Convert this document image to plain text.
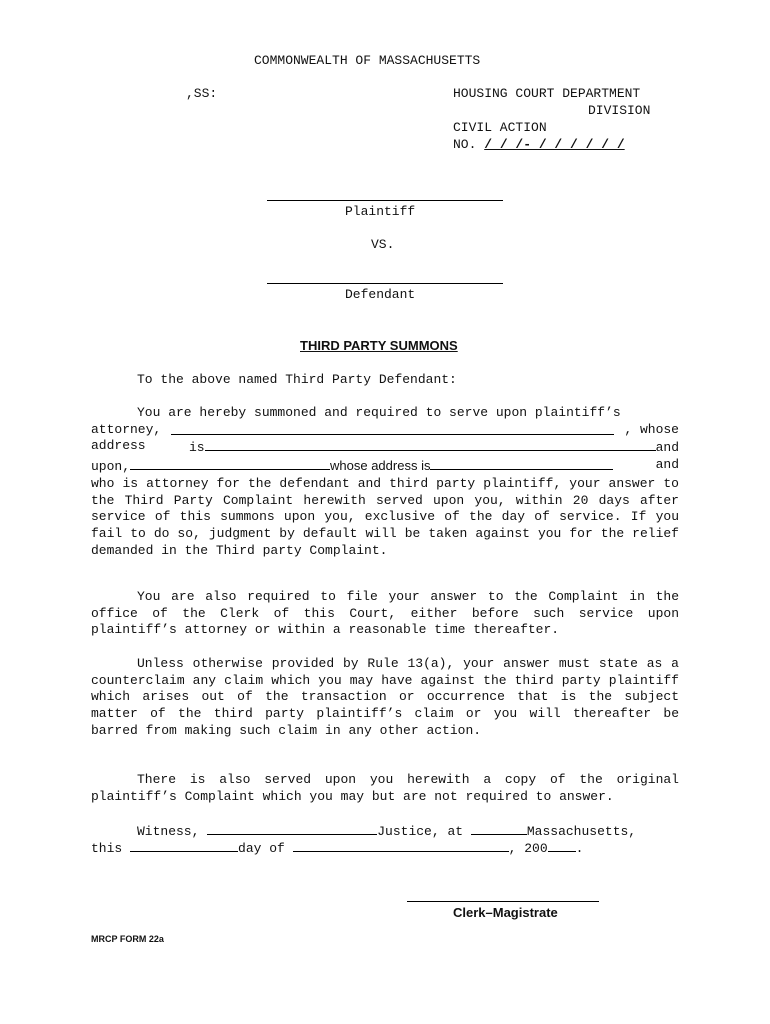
COMMONWEALTH OF MASSACHUSETTS
,SS:	HOUSING COURT DEPARTMENT
DIVISION
CIVIL ACTION
NO. / / /- / / / / / /
Plaintiff
VS.
Defendant
THIRD PARTY SUMMONS
To the above named Third Party Defendant:
You are hereby summoned and required to serve upon plaintiff’s
attorney,	, whose
address	is	and
upon,	whose address is	and

who is attorney for the defendant and third party plaintiff, your answer to the Third Party Complaint herewith served upon you, within 20 days after service of this summons upon you, exclusive of the day of service. If you fail to do so, judgment by default will be taken against you for the relief demanded in the Third party Complaint.

You are also required to file your answer to the Complaint in the office of the Clerk of this Court, either before such service upon plaintiff’s attorney or within a reasonable time thereafter.

Unless otherwise provided by Rule 13(a), your answer must state as a counterclaim any claim which you may have against the third party plaintiff which arises out of the transaction or occurrence that is the subject matter of the third party plaintiff’s claim or you will thereafter be barred from making such claim in any other action.

There is also served upon you herewith a copy of the original plaintiff’s Complaint which you may but are not required to answer.

Witness,	Justice, at	Massachusetts,
this	day of	, 200 .
Clerk–Magistrate
MRCP FORM 22a
